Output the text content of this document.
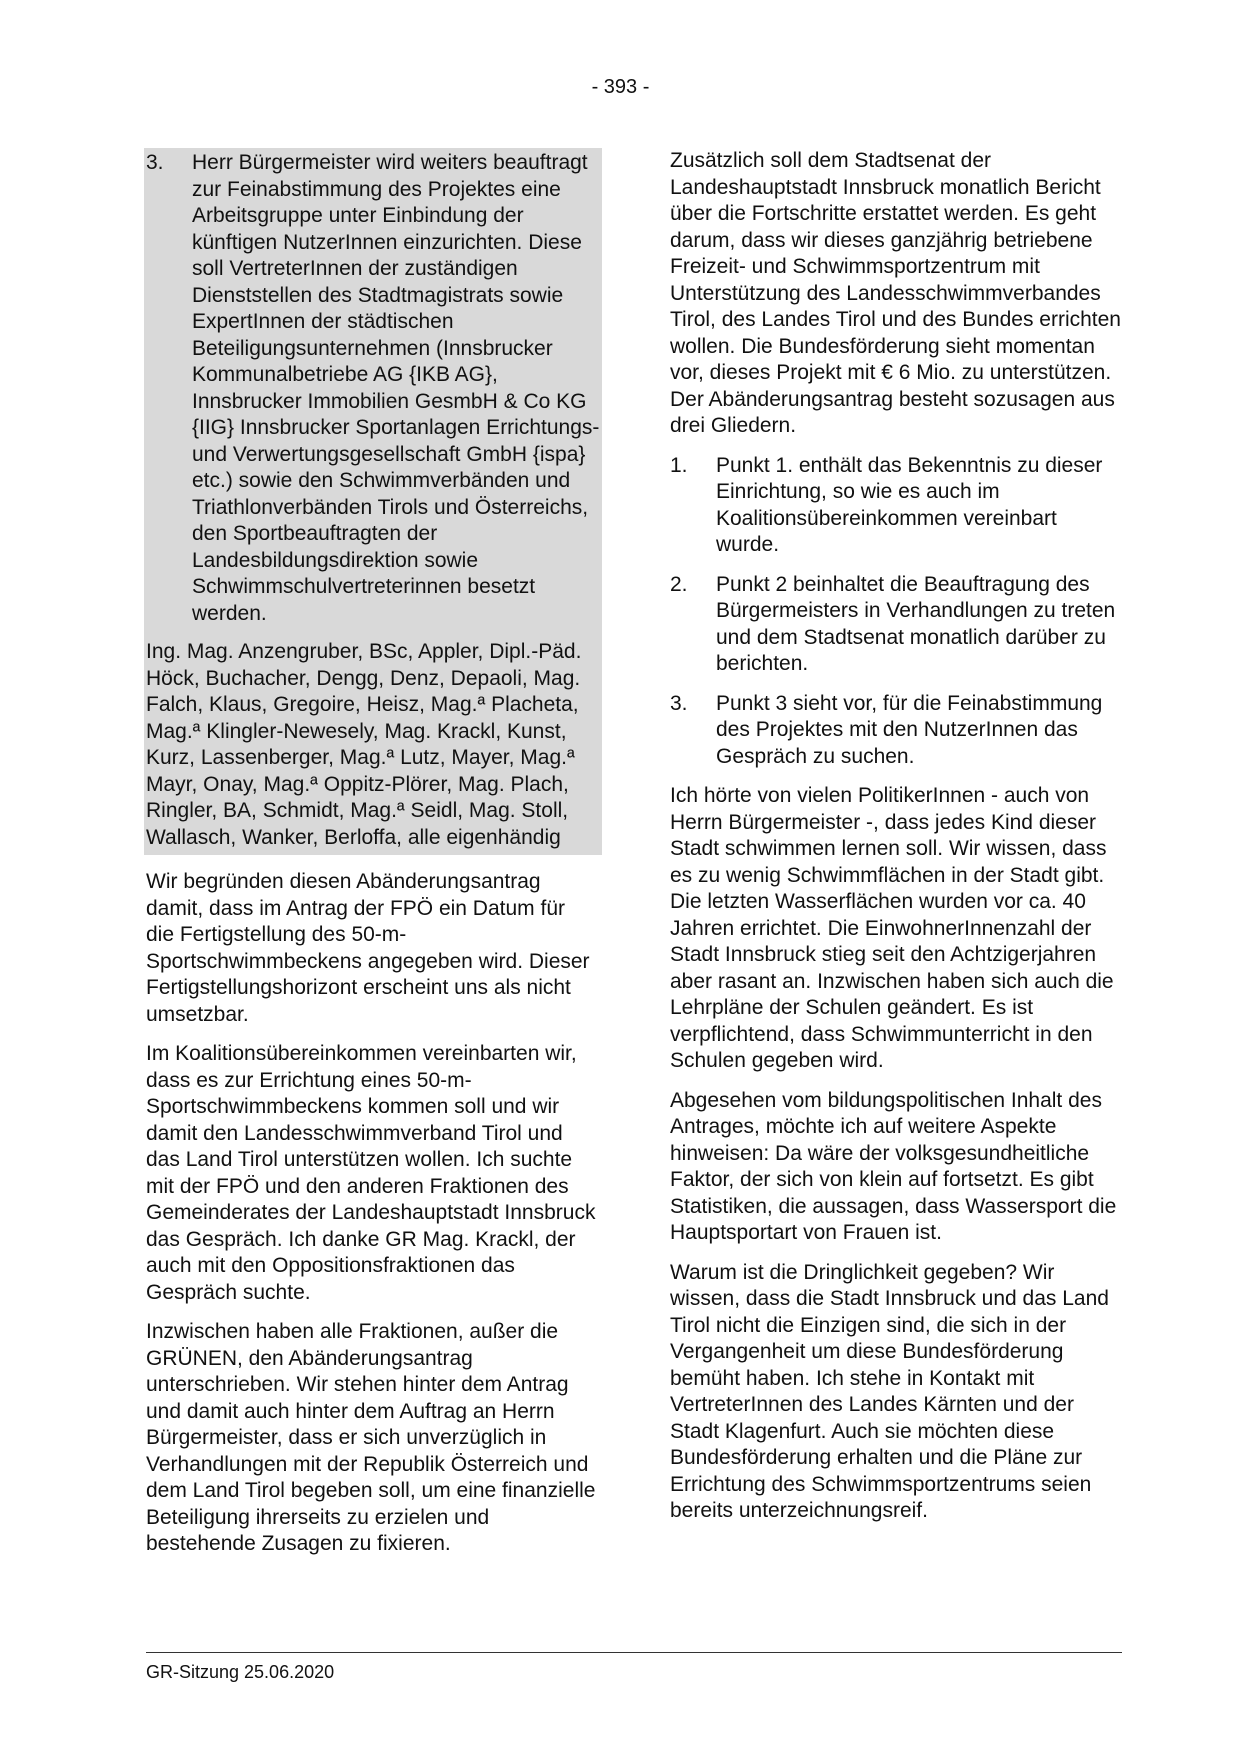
- 393 -
3.	Herr Bürgermeister wird weiters beauftragt zur Feinabstimmung des Projektes eine Arbeitsgruppe unter Einbindung der künftigen NutzerInnen einzurichten. Diese soll VertreterInnen der zuständigen Dienststellen des Stadtmagistrats sowie ExpertInnen der städtischen Beteiligungsunternehmen (Innsbrucker Kommunalbetriebe AG {IKB AG}, Innsbrucker Immobilien GesmbH & Co KG {IIG} Innsbrucker Sportanlagen Errichtungs- und Verwertungsgesellschaft GmbH {ispa} etc.) sowie den Schwimmverbänden und Triathlonverbänden Tirols und Österreichs, den Sportbeauftragten der Landesbildungsdirektion sowie Schwimmschulvertreterinnen besetzt werden.

Ing. Mag. Anzengruber, BSc, Appler, Dipl.-Päd. Höck, Buchacher, Dengg, Denz, Depaoli, Mag. Falch, Klaus, Gregoire, Heisz, Mag.ª Placheta, Mag.ª Klingler-Newesely, Mag. Krackl, Kunst, Kurz, Lassenberger, Mag.ª Lutz, Mayer, Mag.ª Mayr, Onay, Mag.ª Oppitz-Plörer, Mag. Plach, Ringler, BA, Schmidt, Mag.ª Seidl, Mag. Stoll, Wallasch, Wanker, Berloffa, alle eigenhändig

Wir begründen diesen Abänderungsantrag damit, dass im Antrag der FPÖ ein Datum für die Fertigstellung des 50-m-Sportschwimmbeckens angegeben wird. Dieser Fertigstellungshorizont erscheint uns als nicht umsetzbar.

Im Koalitionsübereinkommen vereinbarten wir, dass es zur Errichtung eines 50-m-Sportschwimmbeckens kommen soll und wir damit den Landesschwimmverband Tirol und das Land Tirol unterstützen wollen. Ich suchte mit der FPÖ und den anderen Fraktionen des Gemeinderates der Landeshauptstadt Innsbruck das Gespräch. Ich danke GR Mag. Krackl, der auch mit den Oppositionsfraktionen das Gespräch suchte.

Inzwischen haben alle Fraktionen, außer die GRÜNEN, den Abänderungsantrag unterschrieben. Wir stehen hinter dem Antrag und damit auch hinter dem Auftrag an Herrn Bürgermeister, dass er sich unverzüglich in Verhandlungen mit der Republik Österreich und dem Land Tirol begeben soll, um eine finanzielle Beteiligung ihrerseits zu erzielen und bestehende Zusagen zu fixieren.

Zusätzlich soll dem Stadtsenat der Landeshauptstadt Innsbruck monatlich Bericht über die Fortschritte erstattet werden. Es geht darum, dass wir dieses ganzjährig betriebene Freizeit- und Schwimmsportzentrum mit Unterstützung des Landesschwimmverbandes Tirol, des Landes Tirol und des Bundes errichten wollen. Die Bundesförderung sieht momentan vor, dieses Projekt mit € 6 Mio. zu unterstützen. Der Abänderungsantrag besteht sozusagen aus drei Gliedern.

1.	Punkt 1. enthält das Bekenntnis zu dieser Einrichtung, so wie es auch im Koalitionsübereinkommen vereinbart wurde.
2.	Punkt 2 beinhaltet die Beauftragung des Bürgermeisters in Verhandlungen zu treten und dem Stadtsenat monatlich darüber zu berichten.
3.	Punkt 3 sieht vor, für die Feinabstimmung des Projektes mit den NutzerInnen das Gespräch zu suchen.

Ich hörte von vielen PolitikerInnen - auch von Herrn Bürgermeister -, dass jedes Kind dieser Stadt schwimmen lernen soll. Wir wissen, dass es zu wenig Schwimmflächen in der Stadt gibt. Die letzten Wasserflächen wurden vor ca. 40 Jahren errichtet. Die EinwohnerInnenzahl der Stadt Innsbruck stieg seit den Achtzigerjahren aber rasant an. Inzwischen haben sich auch die Lehrpläne der Schulen geändert. Es ist verpflichtend, dass Schwimmunterricht in den Schulen gegeben wird.

Abgesehen vom bildungspolitischen Inhalt des Antrages, möchte ich auf weitere Aspekte hinweisen: Da wäre der volksgesundheitliche Faktor, der sich von klein auf fortsetzt. Es gibt Statistiken, die aussagen, dass Wassersport die Hauptsportart von Frauen ist.

Warum ist die Dringlichkeit gegeben? Wir wissen, dass die Stadt Innsbruck und das Land Tirol nicht die Einzigen sind, die sich in der Vergangenheit um diese Bundesförderung bemüht haben. Ich stehe in Kontakt mit VertreterInnen des Landes Kärnten und der Stadt Klagenfurt. Auch sie möchten diese Bundesförderung erhalten und die Pläne zur Errichtung des Schwimmsportzentrums seien bereits unterzeichnungsreif.

GR-Sitzung 25.06.2020
